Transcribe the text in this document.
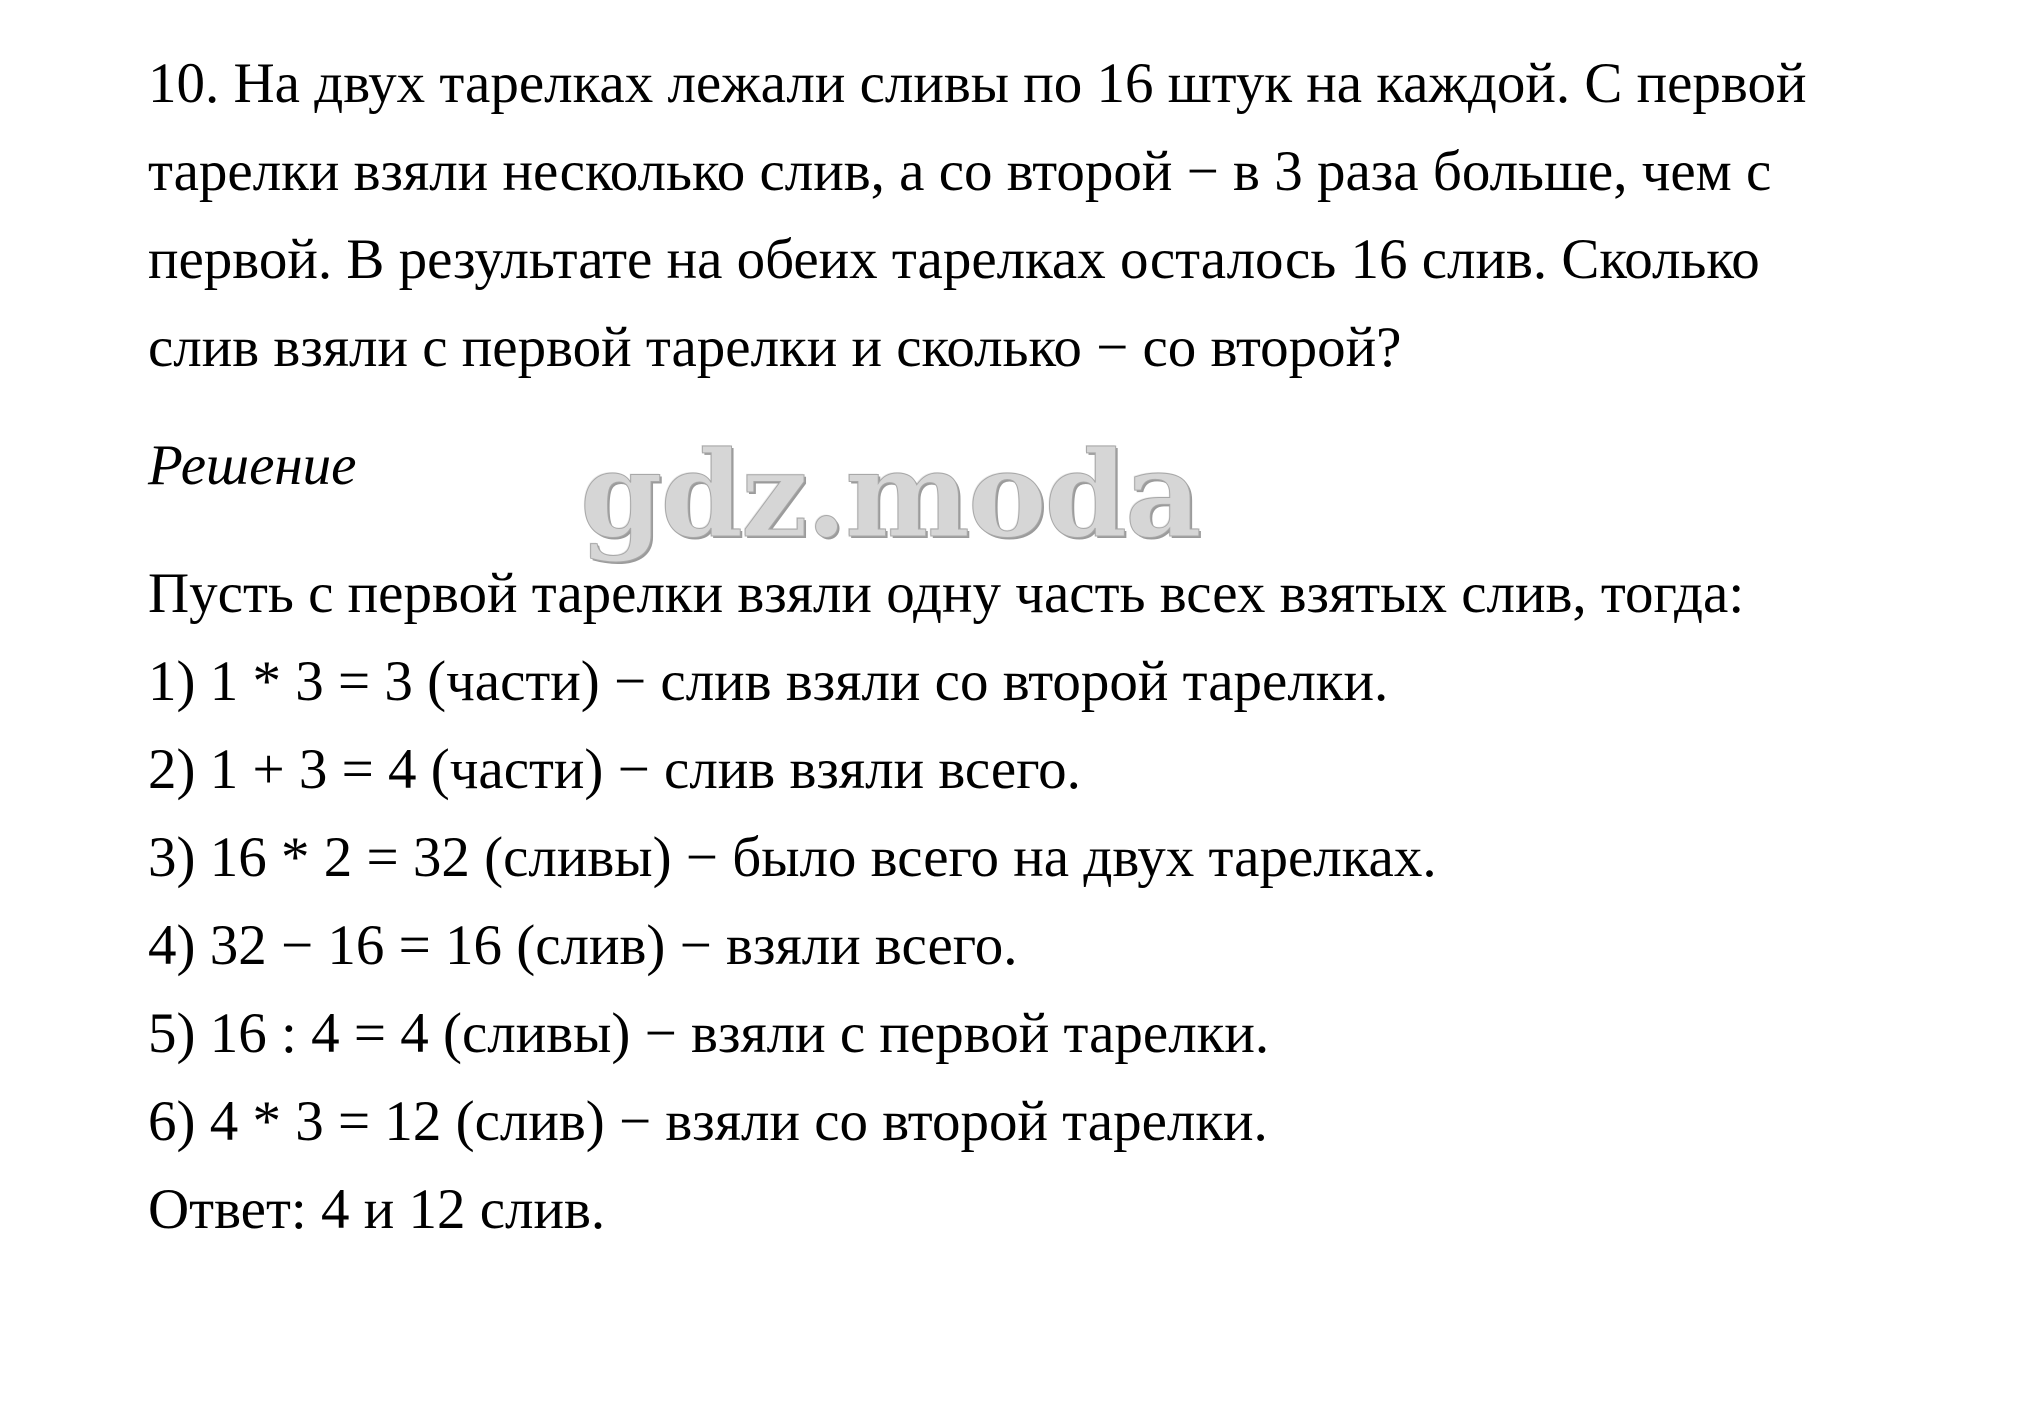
10. На двух тарелках лежали сливы по 16 штук на каждой. С первой
тарелки взяли несколько слив, а со второй − в 3 раза больше, чем с
первой. В результате на обеих тарелках осталось 16 слив. Сколько
слив взяли с первой тарелки и сколько − со второй?
Решение gdz.moda
Пусть с первой тарелки взяли одну часть всех взятых слив, тогда:
1) 1 * 3 = 3 (части) − слив взяли со второй тарелки.
2) 1 + 3 = 4 (части) − слив взяли всего.
3) 16 * 2 = 32 (сливы) − было всего на двух тарелках.
4) 32 − 16 = 16 (слив) − взяли всего.
5) 16 : 4 = 4 (сливы) − взяли с первой тарелки.
6) 4 * 3 = 12 (слив) − взяли со второй тарелки.
Ответ: 4 и 12 слив.
